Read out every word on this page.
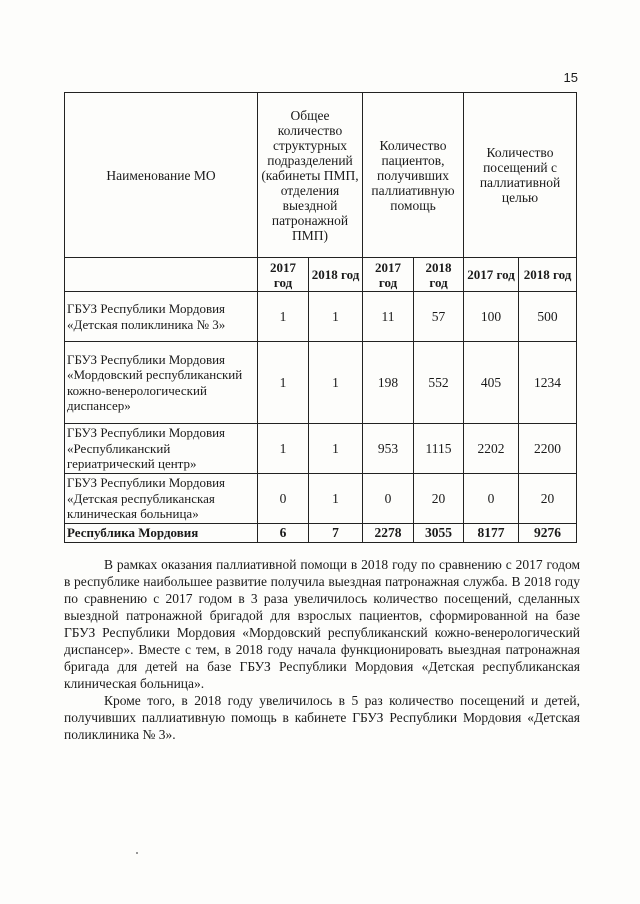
15
Наименование МО	Общее количество структурных подразделений (кабинеты ПМП, отделения выездной патронажной ПМП)		Количество пациентов, получивших паллиативную помощь		Количество посещений с паллиативной целью	
	2017 год	2018 год	2017 год	2018 год	2017 год	2018 год
ГБУЗ Республики Мордовия «Детская поликлиника № 3»	1	1	11	57	100	500
ГБУЗ Республики Мордовия «Мордовский республиканский кожно-венерологический диспансер»	1	1	198	552	405	1234
ГБУЗ Республики Мордовия «Республиканский гериатрический центр»	1	1	953	1115	2202	2200
ГБУЗ Республики Мордовия «Детская республиканская клиническая больница»	0	1	0	20	0	20
Республика Мордовия	6	7	2278	3055	8177	9276

В рамках оказания паллиативной помощи в 2018 году по сравнению с 2017 годом в республике наибольшее развитие получила выездная патронажная служба. В 2018 году по сравнению с 2017 годом в 3 раза увеличилось количество посещений, сделанных выездной патронажной бригадой для взрослых пациентов, сформированной на базе ГБУЗ Республики Мордовия «Мордовский республиканский кожно-венерологический диспансер». Вместе с тем, в 2018 году начала функционировать выездная патронажная бригада для детей на базе ГБУЗ Республики Мордовия «Детская республиканская клиническая больница».

Кроме того, в 2018 году увеличилось в 5 раз количество посещений и детей, получивших паллиативную помощь в кабинете ГБУЗ Республики Мордовия «Детская поликлиника № 3».
